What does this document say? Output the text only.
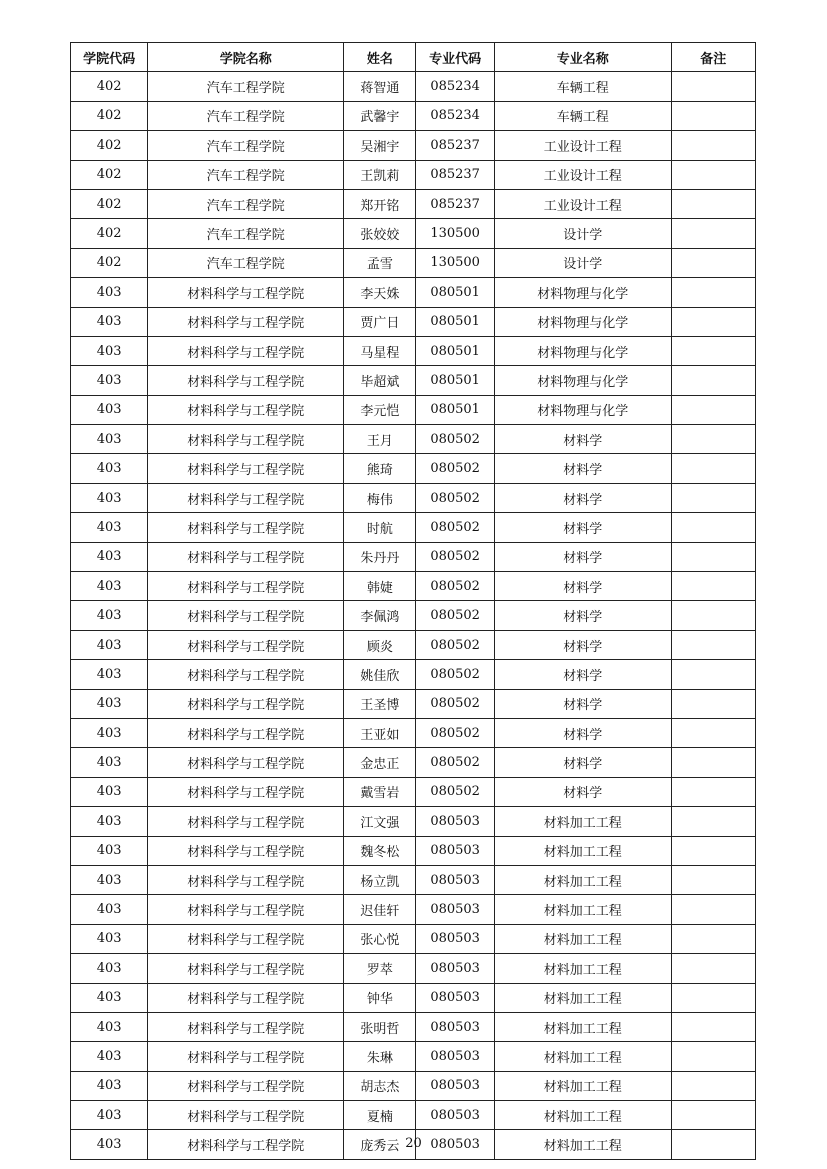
学院代码	学院名称	姓名	专业代码	专业名称	备注
402	汽车工程学院	蒋智通	085234	车辆工程	
402	汽车工程学院	武馨宇	085234	车辆工程	
402	汽车工程学院	吴湘宇	085237	工业设计工程	
402	汽车工程学院	王凯莉	085237	工业设计工程	
402	汽车工程学院	郑开铭	085237	工业设计工程	
402	汽车工程学院	张姣姣	130500	设计学	
402	汽车工程学院	孟雪	130500	设计学	
403	材料科学与工程学院	李天姝	080501	材料物理与化学	
403	材料科学与工程学院	贾广日	080501	材料物理与化学	
403	材料科学与工程学院	马星程	080501	材料物理与化学	
403	材料科学与工程学院	毕超斌	080501	材料物理与化学	
403	材料科学与工程学院	李元恺	080501	材料物理与化学	
403	材料科学与工程学院	王月	080502	材料学	
403	材料科学与工程学院	熊琦	080502	材料学	
403	材料科学与工程学院	梅伟	080502	材料学	
403	材料科学与工程学院	时航	080502	材料学	
403	材料科学与工程学院	朱丹丹	080502	材料学	
403	材料科学与工程学院	韩婕	080502	材料学	
403	材料科学与工程学院	李佩鸿	080502	材料学	
403	材料科学与工程学院	顾炎	080502	材料学	
403	材料科学与工程学院	姚佳欣	080502	材料学	
403	材料科学与工程学院	王圣博	080502	材料学	
403	材料科学与工程学院	王亚如	080502	材料学	
403	材料科学与工程学院	金忠正	080502	材料学	
403	材料科学与工程学院	戴雪岩	080502	材料学	
403	材料科学与工程学院	江文强	080503	材料加工工程	
403	材料科学与工程学院	魏冬松	080503	材料加工工程	
403	材料科学与工程学院	杨立凯	080503	材料加工工程	
403	材料科学与工程学院	迟佳轩	080503	材料加工工程	
403	材料科学与工程学院	张心悦	080503	材料加工工程	
403	材料科学与工程学院	罗萃	080503	材料加工工程	
403	材料科学与工程学院	钟华	080503	材料加工工程	
403	材料科学与工程学院	张明哲	080503	材料加工工程	
403	材料科学与工程学院	朱琳	080503	材料加工工程	
403	材料科学与工程学院	胡志杰	080503	材料加工工程	
403	材料科学与工程学院	夏楠	080503	材料加工工程	
403	材料科学与工程学院	庞秀云	080503	材料加工工程	
20
